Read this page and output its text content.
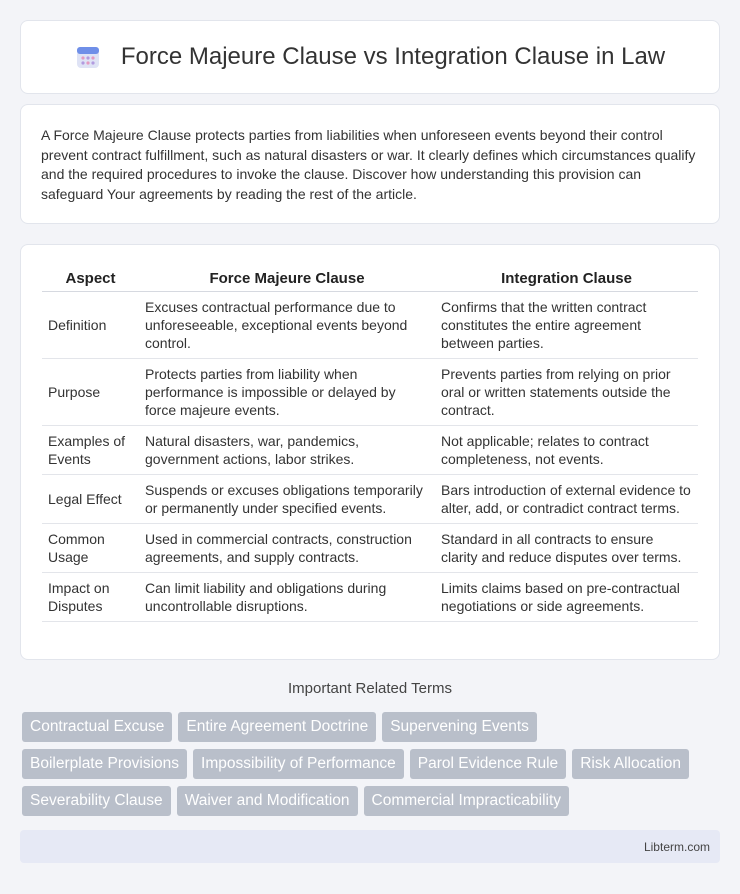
Force Majeure Clause vs Integration Clause in Law

A Force Majeure Clause protects parties from liabilities when unforeseen events beyond their control prevent contract fulfillment, such as natural disasters or war. It clearly defines which circumstances qualify and the required procedures to invoke the clause. Discover how understanding this provision can safeguard Your agreements by reading the rest of the article.

Aspect	Force Majeure Clause	Integration Clause
Definition	Excuses contractual performance due to unforeseeable, exceptional events beyond control.	Confirms that the written contract constitutes the entire agreement between parties.
Purpose	Protects parties from liability when performance is impossible or delayed by force majeure events.	Prevents parties from relying on prior oral or written statements outside the contract.
Examples of Events	Natural disasters, war, pandemics, government actions, labor strikes.	Not applicable; relates to contract completeness, not events.
Legal Effect	Suspends or excuses obligations temporarily or permanently under specified events.	Bars introduction of external evidence to alter, add, or contradict contract terms.
Common Usage	Used in commercial contracts, construction agreements, and supply contracts.	Standard in all contracts to ensure clarity and reduce disputes over terms.
Impact on Disputes	Can limit liability and obligations during uncontrollable disruptions.	Limits claims based on pre-contractual negotiations or side agreements.
Important Related Terms
Contractual Excuse	Entire Agreement Doctrine	Supervening Events
Boilerplate Provisions	Impossibility of Performance	Parol Evidence Rule	Risk Allocation
Severability Clause	Waiver and Modification	Commercial Impracticability
Libterm.com
